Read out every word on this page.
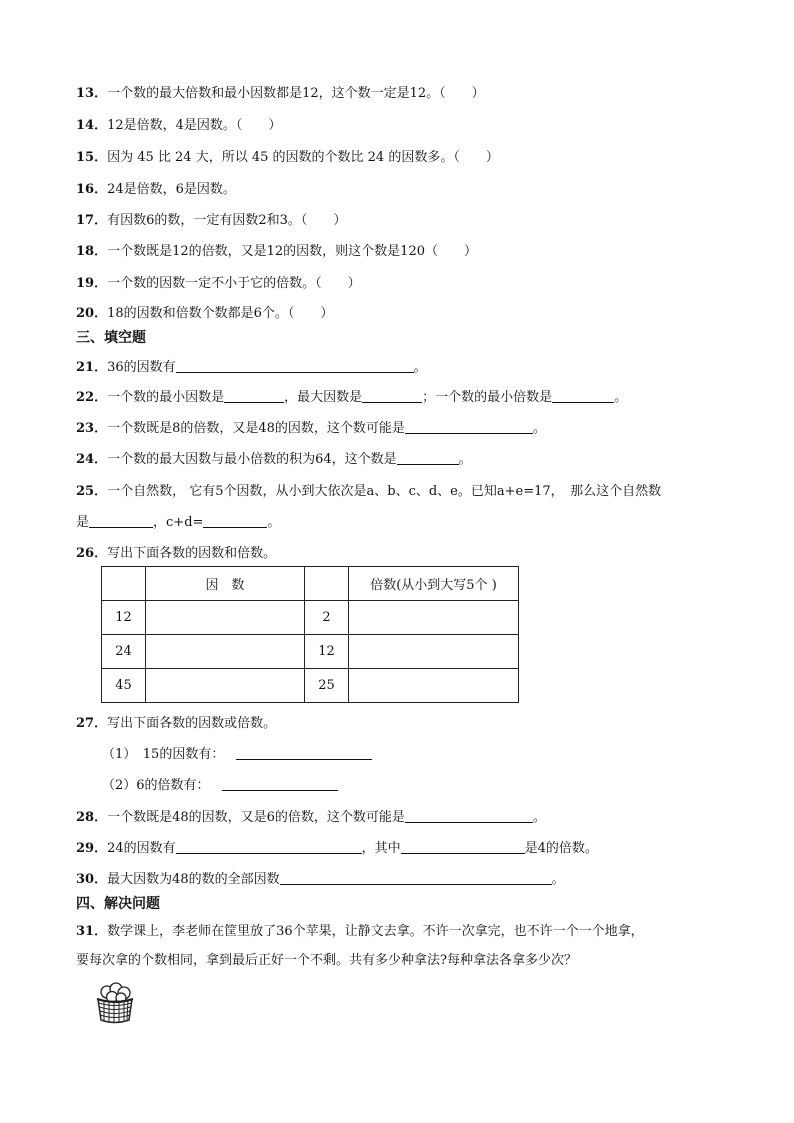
13．一个数的最大倍数和最小因数都是12，这个数一定是12。（　　）
14．12是倍数，4是因数。（　　）
15．因为 45 比 24 大，所以 45 的因数的个数比 24 的因数多。（　　）
16．24是倍数，6是因数。
17．有因数6的数，一定有因数2和3。（　　）
18．一个数既是12的倍数，又是12的因数，则这个数是120（　　）
19．一个数的因数一定不小于它的倍数。（　　）
20．18的因数和倍数个数都是6个。（　　）
三、填空题
21．36的因数有	。
22．一个数的最小因数是	，最大因数是	；一个数的最小倍数是	。
23．一个数既是8的倍数，又是48的因数，这个数可能是	。
24．一个数的最大因数与最小倍数的积为64，这个数是	。
25．一个自然数， 它有5个因数，从小到大依次是a、b、c、d、e。已知a+e=17，　那么这个自然数
是	，c+d=	。
26．写出下面各数的因数和倍数。
	因　数		倍数(从小到大写5个 )
12		2	
24		12	
45		25	
27．写出下面各数的因数或倍数。
（1）　15的因数有：
（2）6的倍数有：
28．一个数既是48的因数，又是6的倍数，这个数可能是	。
29．24的因数有	，其中	是4的倍数。
30．最大因数为48的数的全部因数	。
四、解决问题
31．数学课上，李老师在筐里放了36个苹果，让静文去拿。不许一次拿完，也不许一个一个地拿，
要每次拿的个数相同，拿到最后正好一个不剩。共有多少种拿法?每种拿法各拿多少次？
